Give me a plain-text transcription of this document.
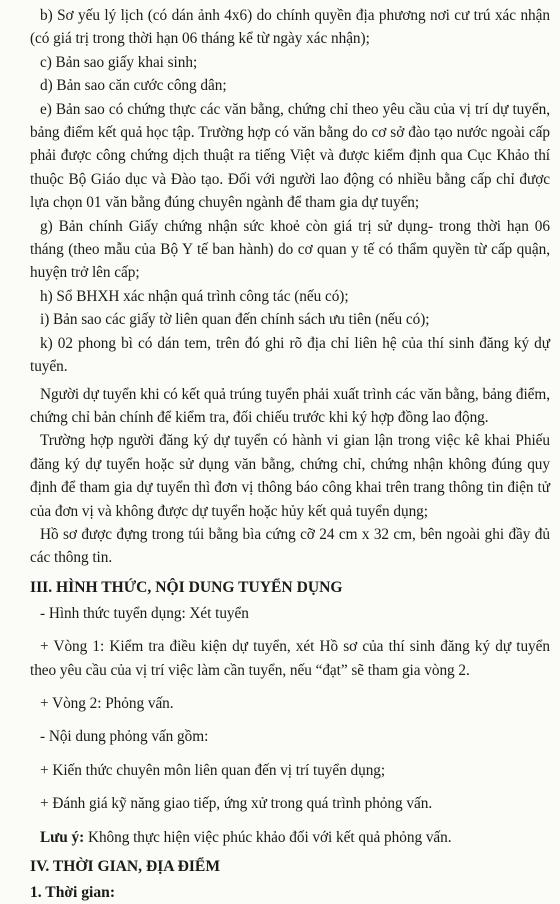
b) Sơ yếu lý lịch (có dán ảnh 4x6) do chính quyền địa phương nơi cư trú xác nhận (có giá trị trong thời hạn 06 tháng kể từ ngày xác nhận);

c) Bản sao giấy khai sinh;

d) Bản sao căn cước công dân;

e) Bản sao có chứng thực các văn bằng, chứng chỉ theo yêu cầu của vị trí dự tuyển, bảng điểm kết quả học tập. Trường hợp có văn bằng do cơ sở đào tạo nước ngoài cấp phải được công chứng dịch thuật ra tiếng Việt và được kiểm định qua Cục Khảo thí thuộc Bộ Giáo dục và Đào tạo. Đối với người lao động có nhiều bằng cấp chỉ được lựa chọn 01 văn bằng đúng chuyên ngành để tham gia dự tuyển;

g) Bản chính Giấy chứng nhận sức khoẻ còn giá trị sử dụng- trong thời hạn 06 tháng (theo mẫu của Bộ Y tế ban hành) do cơ quan y tế có thẩm quyền từ cấp quận, huyện trở lên cấp;

h) Sổ BHXH xác nhận quá trình công tác (nếu có);

i) Bản sao các giấy tờ liên quan đến chính sách ưu tiên (nếu có);

k) 02 phong bì có dán tem, trên đó ghi rõ địa chỉ liên hệ của thí sinh đăng ký dự tuyển.

Người dự tuyển khi có kết quả trúng tuyển phải xuất trình các văn bằng, bảng điểm, chứng chỉ bản chính để kiểm tra, đối chiếu trước khi ký hợp đồng lao động.

Trường hợp người đăng ký dự tuyển có hành vi gian lận trong việc kê khai Phiếu đăng ký dự tuyển hoặc sử dụng văn bằng, chứng chỉ, chứng nhận không đúng quy định để tham gia dự tuyển thì đơn vị thông báo công khai trên trang thông tin điện tử của đơn vị và không được dự tuyển hoặc hủy kết quả tuyển dụng;

Hồ sơ được đựng trong túi bằng bìa cứng cỡ 24 cm x 32 cm, bên ngoài ghi đầy đủ các thông tin.

III. HÌNH THỨC, NỘI DUNG TUYỂN DỤNG

- Hình thức tuyển dụng: Xét tuyển

+ Vòng 1: Kiểm tra điều kiện dự tuyển, xét Hồ sơ của thí sinh đăng ký dự tuyển theo yêu cầu của vị trí việc làm cần tuyển, nếu “đạt” sẽ tham gia vòng 2.

+ Vòng 2: Phỏng vấn.

- Nội dung phỏng vấn gồm:

+ Kiến thức chuyên môn liên quan đến vị trí tuyển dụng;

+ Đánh giá kỹ năng giao tiếp, ứng xử trong quá trình phỏng vấn.

Lưu ý: Không thực hiện việc phúc khảo đối với kết quả phỏng vấn.

IV. THỜI GIAN, ĐỊA ĐIỂM
1. Thời gian:
